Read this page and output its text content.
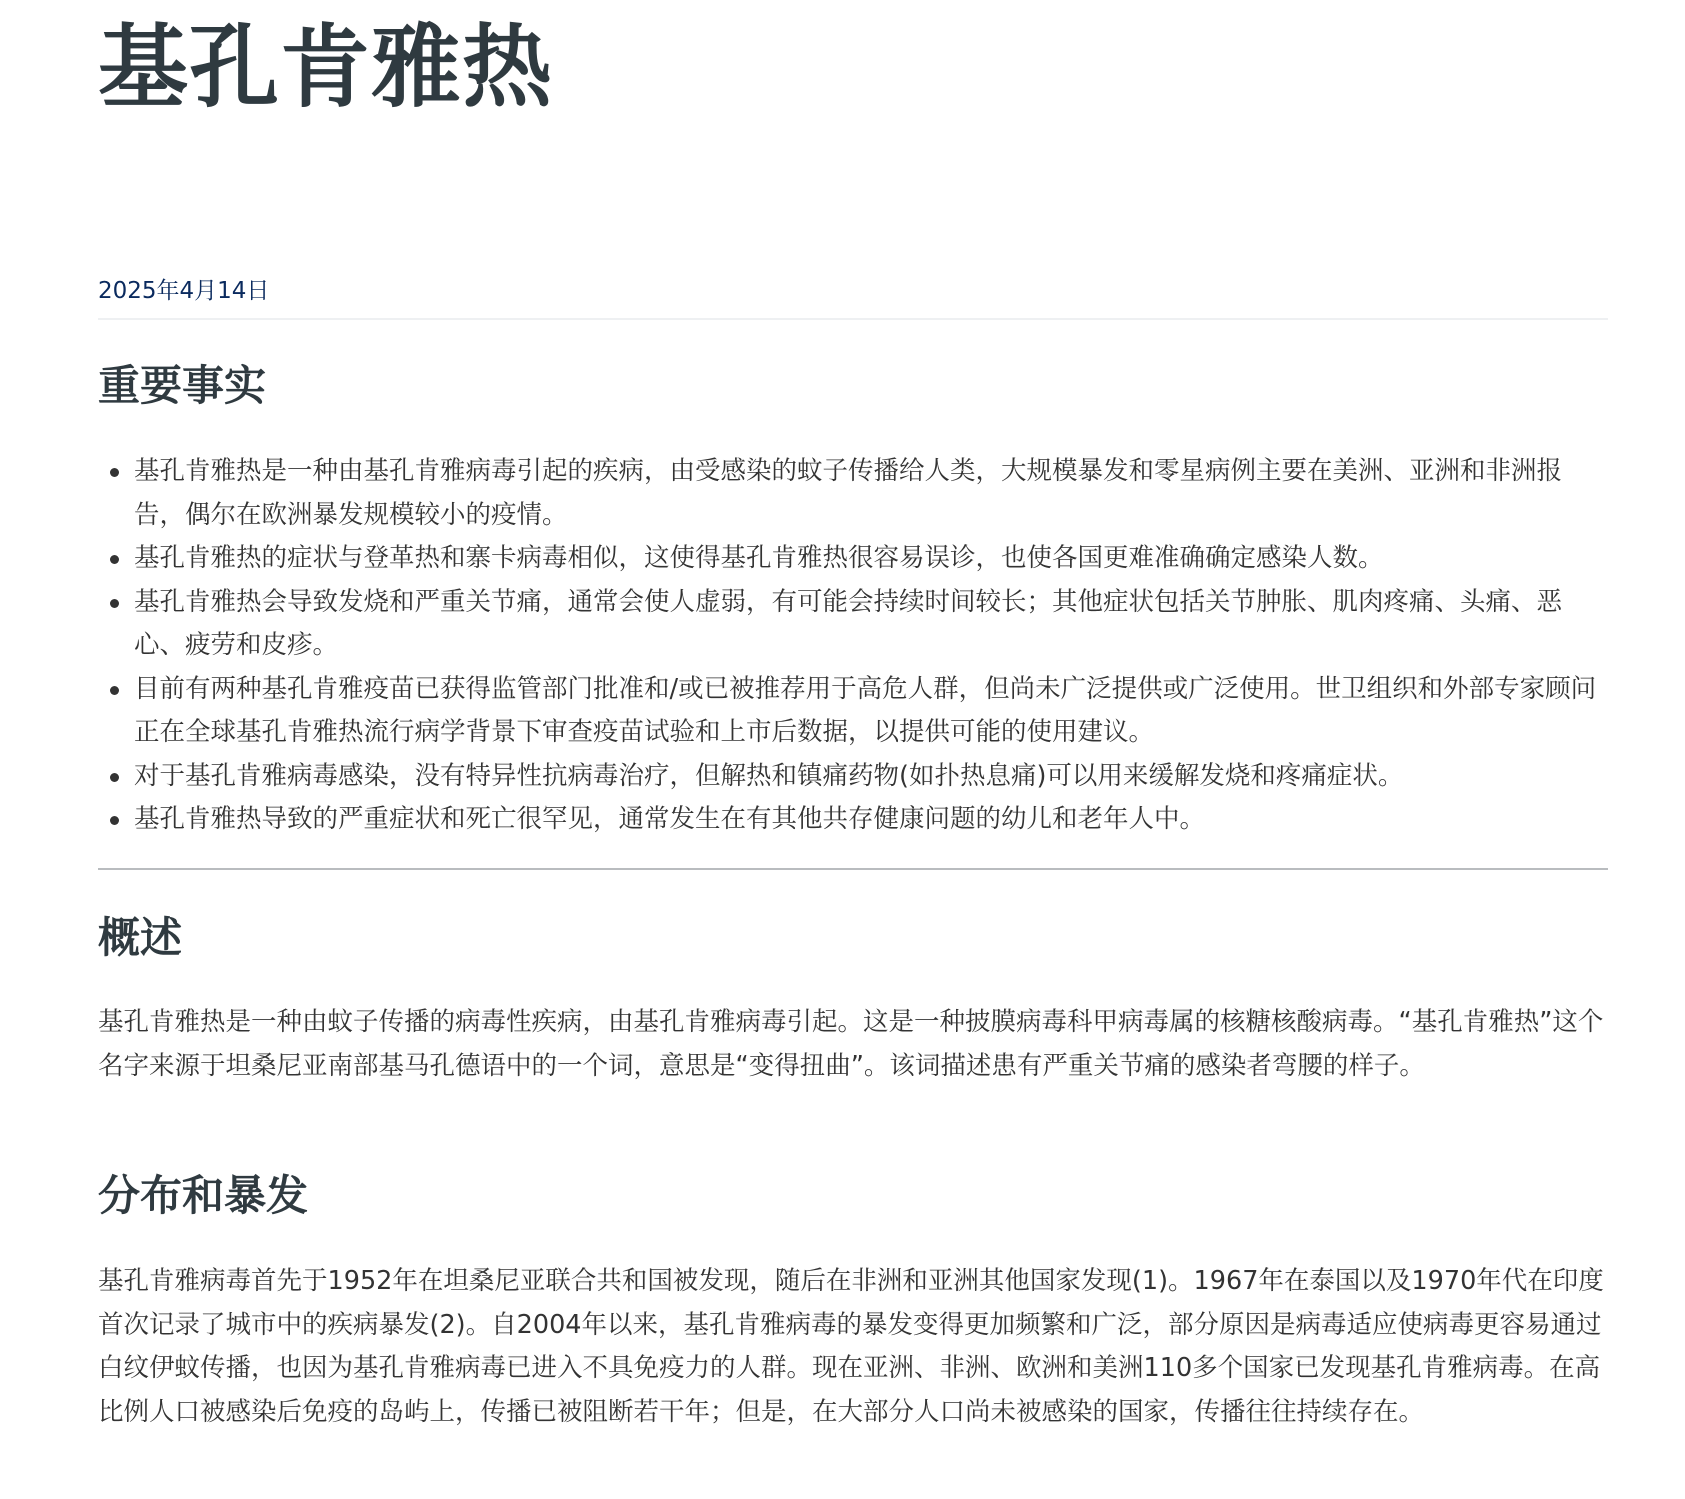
基孔肯雅热
2025年4月14日
重要事实
基孔肯雅热是一种由基孔肯雅病毒引起的疾病，由受感染的蚊子传播给人类，大规模暴发和零星病例主要在美洲、亚洲和非洲报告，偶尔在欧洲暴发规模较小的疫情。
基孔肯雅热的症状与登革热和寨卡病毒相似，这使得基孔肯雅热很容易误诊，也使各国更难准确确定感染人数。
基孔肯雅热会导致发烧和严重关节痛，通常会使人虚弱，有可能会持续时间较长；其他症状包括关节肿胀、肌肉疼痛、头痛、恶心、疲劳和皮疹。
目前有两种基孔肯雅疫苗已获得监管部门批准和/或已被推荐用于高危人群，但尚未广泛提供或广泛使用。世卫组织和外部专家顾问正在全球基孔肯雅热流行病学背景下审查疫苗试验和上市后数据，以提供可能的使用建议。
对于基孔肯雅病毒感染，没有特异性抗病毒治疗，但解热和镇痛药物(如扑热息痛)可以用来缓解发烧和疼痛症状。
基孔肯雅热导致的严重症状和死亡很罕见，通常发生在有其他共存健康问题的幼儿和老年人中。
概述

基孔肯雅热是一种由蚊子传播的病毒性疾病，由基孔肯雅病毒引起。这是一种披膜病毒科甲病毒属的核糖核酸病毒。“基孔肯雅热”这个名字来源于坦桑尼亚南部基马孔德语中的一个词，意思是“变得扭曲”。该词描述患有严重关节痛的感染者弯腰的样子。

分布和暴发

基孔肯雅病毒首先于1952年在坦桑尼亚联合共和国被发现，随后在非洲和亚洲其他国家发现(1)。1967年在泰国以及1970年代在印度首次记录了城市中的疾病暴发(2)。自2004年以来，基孔肯雅病毒的暴发变得更加频繁和广泛，部分原因是病毒适应使病毒更容易通过白纹伊蚊传播，也因为基孔肯雅病毒已进入不具免疫力的人群。现在亚洲、非洲、欧洲和美洲110多个国家已发现基孔肯雅病毒。在高比例人口被感染后免疫的岛屿上，传播已被阻断若干年；但是，在大部分人口尚未被感染的国家，传播往往持续存在。
